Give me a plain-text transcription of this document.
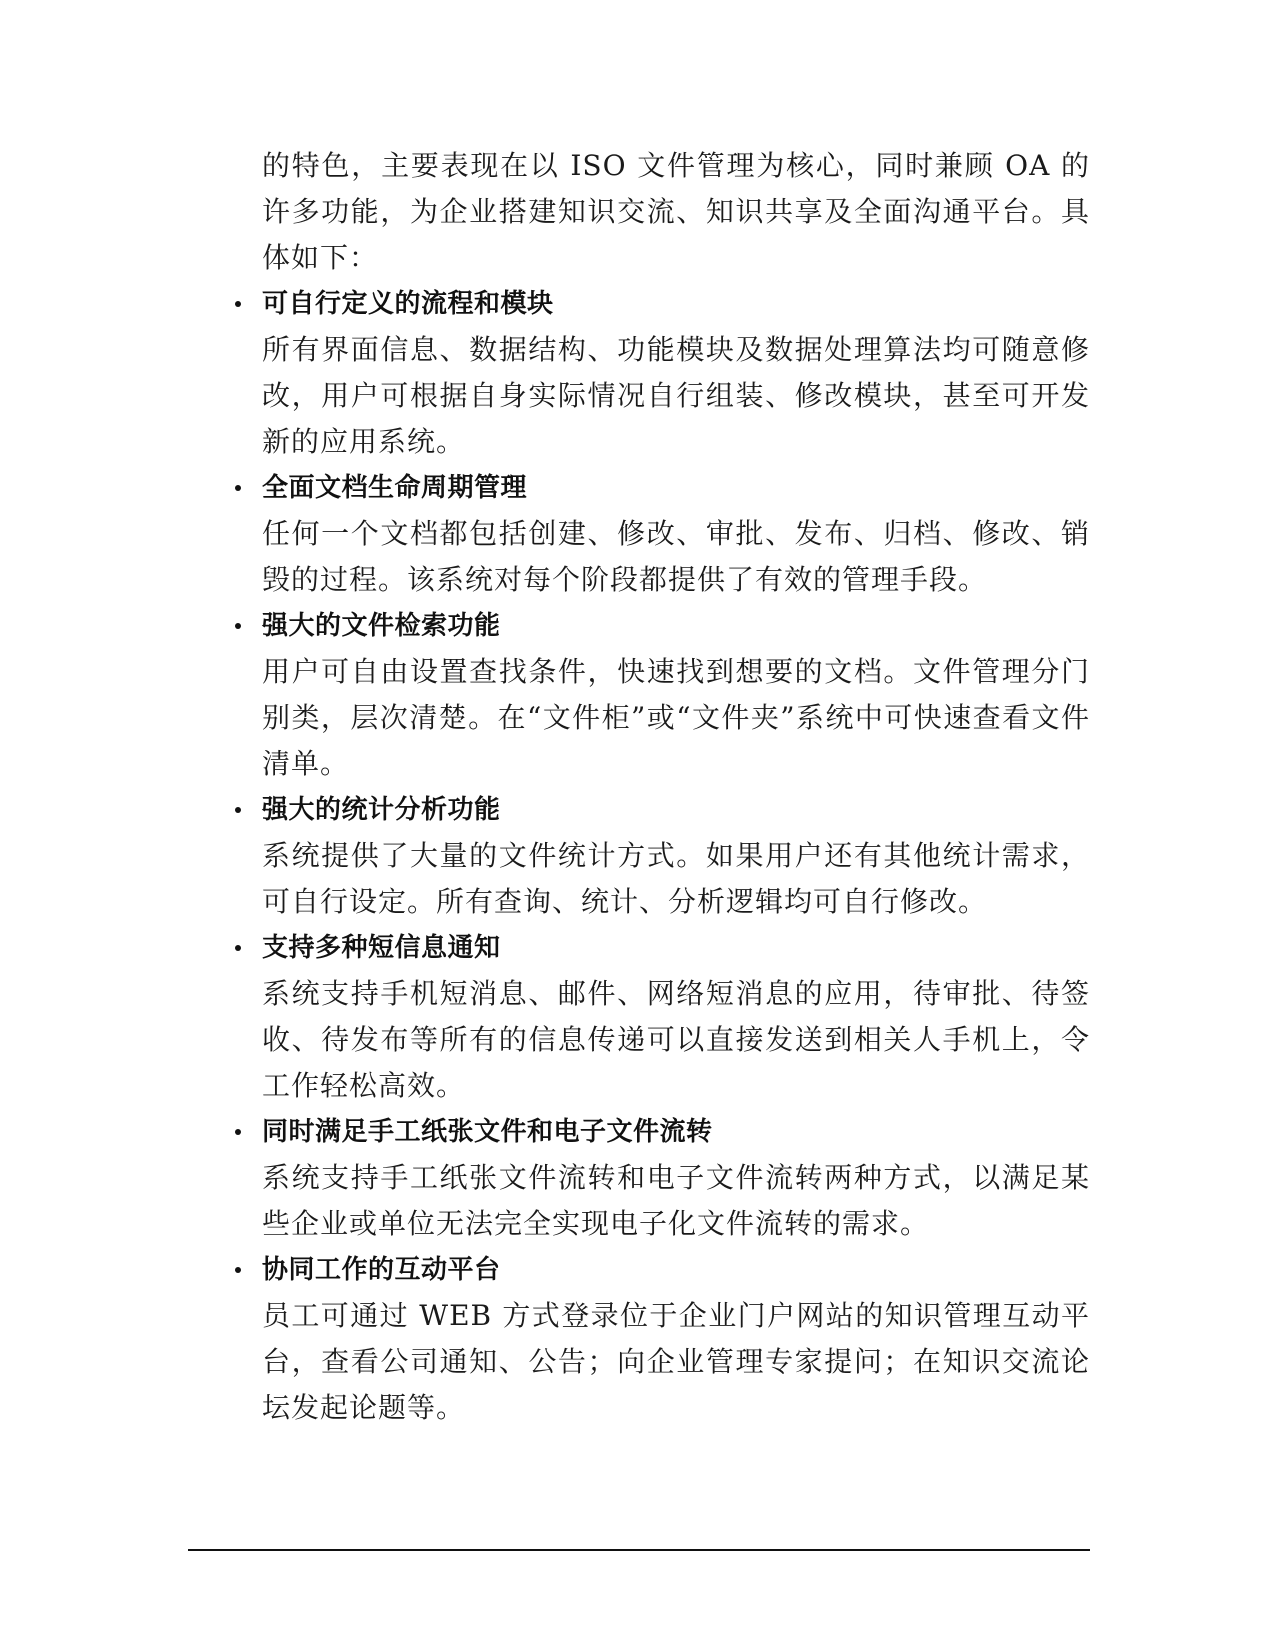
的特色，主要表现在以 ISO 文件管理为核心，同时兼顾 OA 的许多功能，为企业搭建知识交流、知识共享及全面沟通平台。具体如下：

可自行定义的流程和模块

所有界面信息、数据结构、功能模块及数据处理算法均可随意修改，用户可根据自身实际情况自行组装、修改模块，甚至可开发新的应用系统。

全面文档生命周期管理

任何一个文档都包括创建、修改、审批、发布、归档、修改、销毁的过程。该系统对每个阶段都提供了有效的管理手段。

强大的文件检索功能

用户可自由设置查找条件，快速找到想要的文档。文件管理分门别类，层次清楚。在“文件柜”或“文件夹”系统中可快速查看文件清单。

强大的统计分析功能

系统提供了大量的文件统计方式。如果用户还有其他统计需求，可自行设定。所有查询、统计、分析逻辑均可自行修改。

支持多种短信息通知

系统支持手机短消息、邮件、网络短消息的应用，待审批、待签收、待发布等所有的信息传递可以直接发送到相关人手机上，令工作轻松高效。

同时满足手工纸张文件和电子文件流转

系统支持手工纸张文件流转和电子文件流转两种方式，以满足某些企业或单位无法完全实现电子化文件流转的需求。

协同工作的互动平台

员工可通过 WEB 方式登录位于企业门户网站的知识管理互动平台，查看公司通知、公告；向企业管理专家提问；在知识交流论坛发起论题等。
